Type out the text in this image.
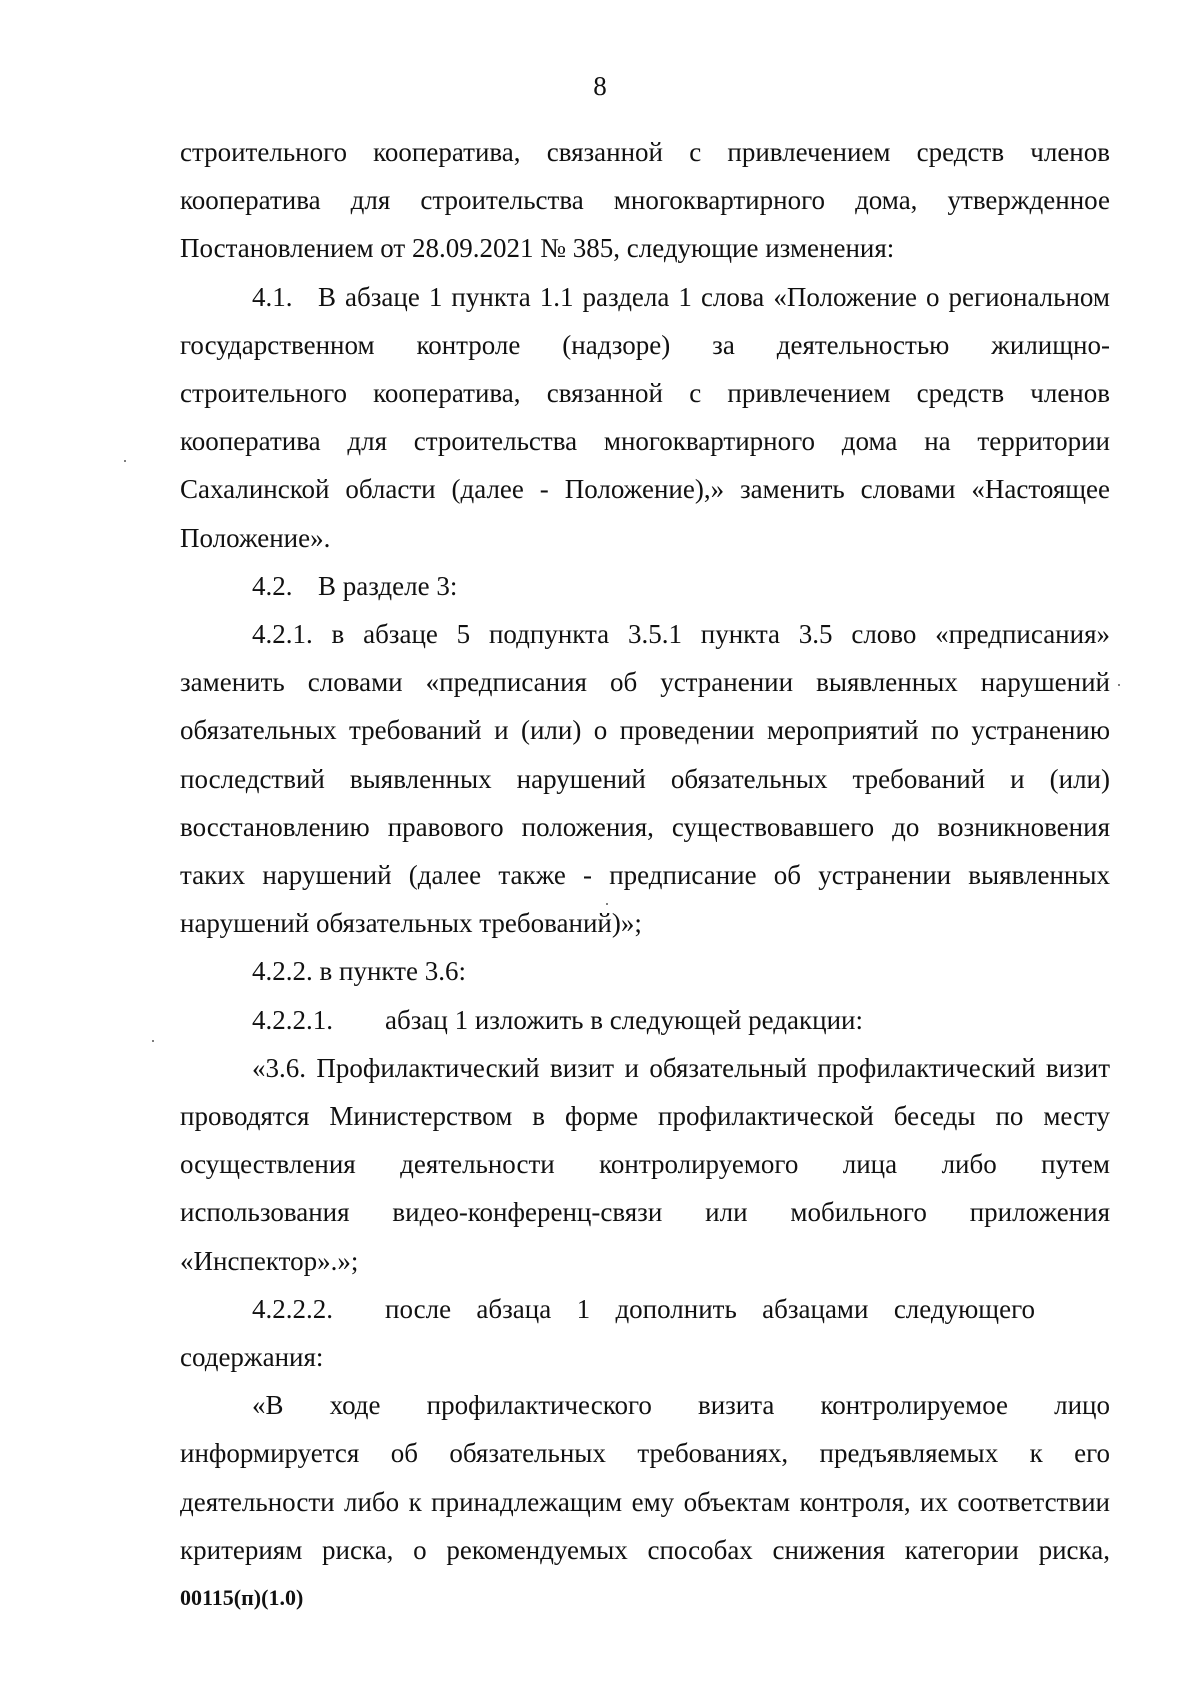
8
строительного кооператива, связанной с привлечением средств членов
кооператива для строительства многоквартирного дома, утвержденное
Постановлением от 28.09.2021 № 385, следующие изменения:
4.1. В абзаце 1 пункта 1.1 раздела 1 слова «Положение о региональном
государственном контроле (надзоре) за деятельностью жилищно-
строительного кооператива, связанной с привлечением средств членов
кооператива для строительства многоквартирного дома на территории
Сахалинской области (далее - Положение),» заменить словами «Настоящее
Положение».
4.2. В разделе 3:
4.2.1. в абзаце 5 подпункта 3.5.1 пункта 3.5 слово «предписания»
заменить словами «предписания об устранении выявленных нарушений
обязательных требований и (или) о проведении мероприятий по устранению
последствий выявленных нарушений обязательных требований и (или)
восстановлению правового положения, существовавшего до возникновения
таких нарушений (далее также - предписание об устранении выявленных
нарушений обязательных требований)»;
4.2.2. в пункте 3.6:
4.2.2.1. абзац 1 изложить в следующей редакции:
«3.6. Профилактический визит и обязательный профилактический визит
проводятся Министерством в форме профилактической беседы по месту
осуществления деятельности контролируемого лица либо путем
использования видео-конференц-связи или мобильного приложения
«Инспектор».»;
4.2.2.2. после абзаца 1 дополнить абзацами следующего
содержания:
«В ходе профилактического визита контролируемое лицо
информируется об обязательных требованиях, предъявляемых к его
деятельности либо к принадлежащим ему объектам контроля, их соответствии
критериям риска, о рекомендуемых способах снижения категории риска,
00115(п)(1.0)
